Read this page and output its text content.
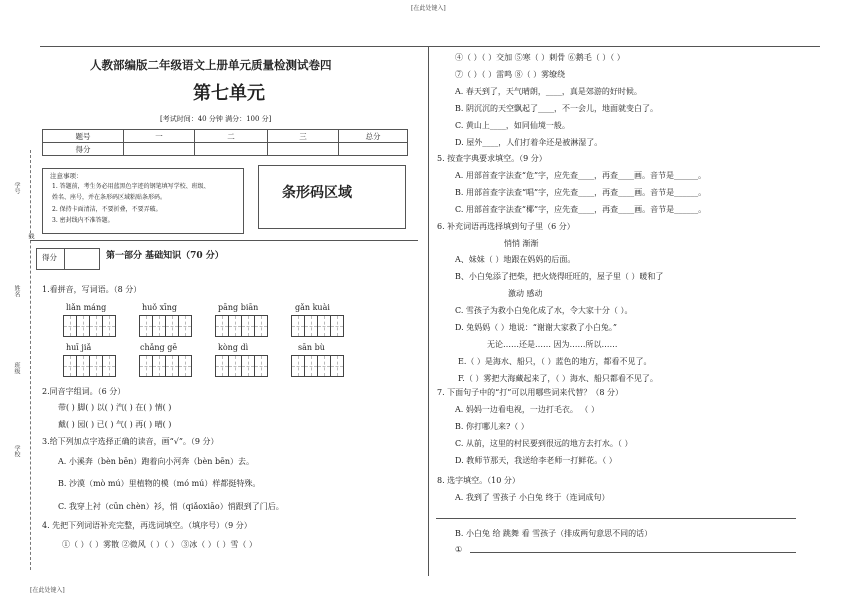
[在此处键入]
[在此处键入]
学号
线
姓名
班级
学校
人教部编版二年级语文上册单元质量检测试卷四
第七单元
[考试时间：40 分钟 满分：100 分]
题号	一	二	三	总分
得分				
注意事项：
1. 答题前，考生务必用蓝黑色字迹的钢笔填写学校、班级、
姓名、座号，并在条形码区域粘贴条形码。
2. 保持卡面清洁，不要折叠，不要弄破。
3. 密封线内不准答题。
条形码区域
得分	第一部分 基础知识（70 分）
1.看拼音，写词语。（8 分）
liǎn máng	huǒ xīng	pāng biān	gǎn kuài
huī jiǎ	chǎng gē	kòng dì	sān bù
2.同音字组词。（6 分）
带( ) 脚( ) 以( ) 汽( ) 在( ) 情( )
戴( ) 园( ) 已( ) 气( ) 再( ) 晴( )
3.给下列加点字选择正确的读音，画“√”。（9 分）
A. 小溪奔（bèn bēn）跑着向小河奔（bèn bēn）去。
B. 沙漠（mò mú）里植物的模（mó mú）样都挺特殊。
C. 我穿上衬（cūn chèn）衫，悄（qiǎoxiāo）悄跟到了门后。
4. 先把下列词语补充完整，再选词填空。（填序号）（9 分）
①（ ）（ ）雾散 ②微风（ ）（ ） ③冰（ ）（ ）雪（ ）
④（ ）（ ）交加 ⑤寒（ ）刺骨 ⑥鹅毛（ ）（ ）
⑦（ ）（ ）雷鸣 ⑧（ ）雾缭绕
A. 春天到了，天气晴朗，____，真是郊游的好时候。
B. 阴沉沉的天空飘起了____，不一会儿，地面就变白了。
C. 黄山上____，如同仙境一般。
D. 屋外____，人们打着伞还是被淋湿了。
5. 按查字典要求填空。（9 分）
A. 用部首查字法查“危”字，应先查____，再查____画。音节是______。
B. 用部首查字法查“唱”字，应先查____，再查____画。音节是______。
C. 用部首查字法查“椰”字，应先查____，再查____画。音节是______。
6. 补充词语再选择填到句子里（6 分）
悄悄 渐渐
A、妹妹（ ）地跟在妈妈的后面。
B、小白兔添了把柴，把火烧得旺旺的，屋子里（ ）暖和了
激动 感动
C. 雪孩子为救小白兔化成了水，令大家十分（ ）。
D. 兔妈妈（ ）地说：“谢谢大家救了小白兔。”
无论……还是…… 因为……所以……
E.（ ）是海水、船只，（ ）蓝色的地方，都看不见了。
F.（ ）雾把大海藏起来了，（ ）海水、船只都看不见了。
7. 下面句子中的“打”可以用哪些词来代替？（8 分）
A. 妈妈一边看电视，一边打毛衣。 （ ）
B. 你打哪儿来?（ ）
C. 从前，这里的村民要到很远的地方去打水。（ ）
D. 教师节那天，我送给李老师一打鲜花。（ ）
8. 选字填空。（10 分）
A. 我到了 雪孩子 小白兔 终于（连词成句）
B. 小白兔 给 跳舞 看 雪孩子（排成两句意思不同的话）
①
